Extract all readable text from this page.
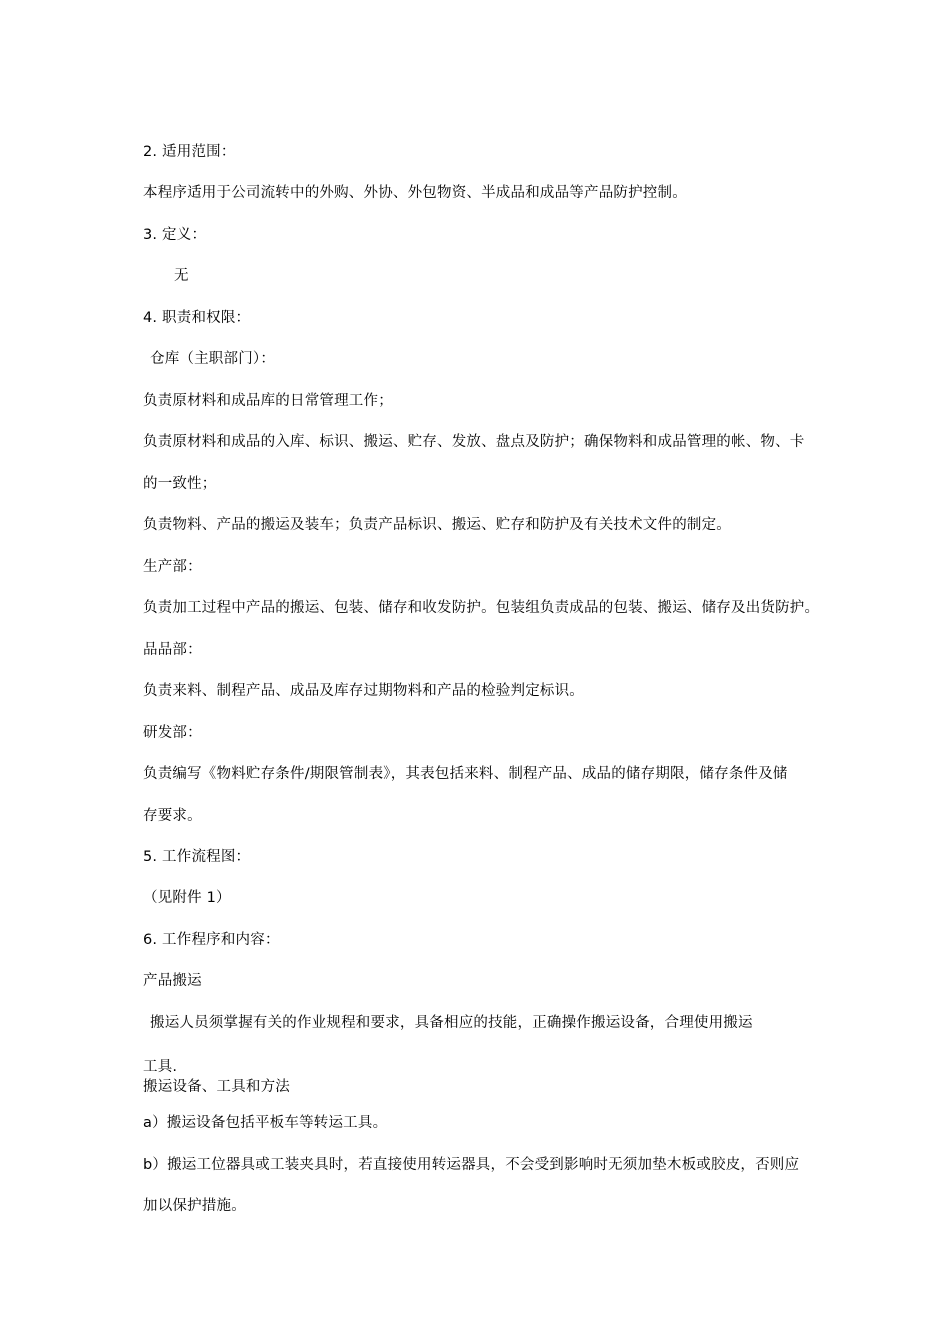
2. 适用范围：
本程序适用于公司流转中的外购、外协、外包物资、半成品和成品等产品防护控制。
3. 定义：
无
4. 职责和权限：
仓库（主职部门）：
负责原材料和成品库的日常管理工作；
负责原材料和成品的入库、标识、搬运、贮存、发放、盘点及防护；确保物料和成品管理的帐、物、卡
的一致性；
负责物料、产品的搬运及装车；负责产品标识、搬运、贮存和防护及有关技术文件的制定。
生产部：
负责加工过程中产品的搬运、包装、储存和收发防护。包装组负责成品的包装、搬运、储存及出货防护。
品品部：
负责来料、制程产品、成品及库存过期物料和产品的检验判定标识。
研发部：
负责编写《物料贮存条件/期限管制表》，其表包括来料、制程产品、成品的储存期限，储存条件及储
存要求。
5. 工作流程图：
（见附件 1）
6. 工作程序和内容：
产品搬运
搬运人员须掌握有关的作业规程和要求，具备相应的技能，正确操作搬运设备，合理使用搬运
工具.
搬运设备、工具和方法
a）搬运设备包括平板车等转运工具。
b）搬运工位器具或工装夹具时，若直接使用转运器具，不会受到影响时无须加垫木板或胶皮，否则应
加以保护措施。
